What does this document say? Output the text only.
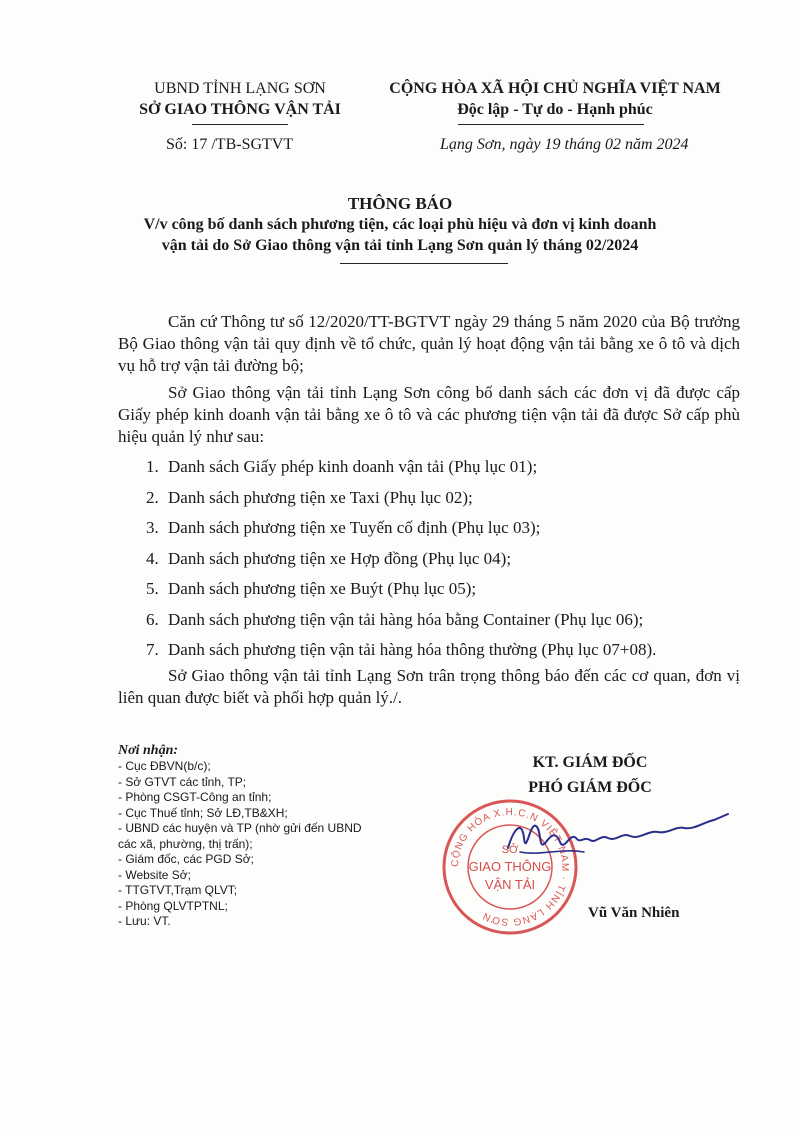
UBND TỈNH LẠNG SƠN
SỞ GIAO THÔNG VẬN TẢI
CỘNG HÒA XÃ HỘI CHỦ NGHĨA VIỆT NAM
Độc lập - Tự do - Hạnh phúc
Số: 17 /TB-SGTVT	Lạng Sơn, ngày 19 tháng 02 năm 2024
THÔNG BÁO
V/v công bố danh sách phương tiện, các loại phù hiệu và đơn vị kinh doanh
vận tải do Sở Giao thông vận tải tỉnh Lạng Sơn quản lý tháng 02/2024
Căn cứ Thông tư số 12/2020/TT-BGTVT ngày 29 tháng 5 năm 2020 của Bộ trưởng Bộ Giao thông vận tải quy định về tổ chức, quản lý hoạt động vận tải bằng xe ô tô và dịch vụ hỗ trợ vận tải đường bộ;
Sở Giao thông vận tải tỉnh Lạng Sơn công bố danh sách các đơn vị đã được cấp Giấy phép kinh doanh vận tải bằng xe ô tô và các phương tiện vận tải đã được Sở cấp phù hiệu quản lý như sau:
1. Danh sách Giấy phép kinh doanh vận tải (Phụ lục 01);
2. Danh sách phương tiện xe Taxi (Phụ lục 02);
3. Danh sách phương tiện xe Tuyến cố định (Phụ lục 03);
4. Danh sách phương tiện xe Hợp đồng (Phụ lục 04);
5. Danh sách phương tiện xe Buýt (Phụ lục 05);
6. Danh sách phương tiện vận tải hàng hóa bằng Container (Phụ lục 06);
7. Danh sách phương tiện vận tải hàng hóa thông thường (Phụ lục 07+08).
Sở Giao thông vận tải tỉnh Lạng Sơn trân trọng thông báo đến các cơ quan, đơn vị liên quan được biết và phối hợp quản lý./.
Nơi nhận:
- Cục ĐBVN(b/c);
- Sở GTVT các tỉnh, TP;
- Phòng CSGT-Công an tỉnh;
- Cục Thuế tỉnh; Sở LĐ,TB&XH;
- UBND các huyện và TP (nhờ gửi đến UBND
các xã, phường, thị trấn);
- Giám đốc, các PGD Sở;
- Website Sở;
- TTGTVT,Trạm QLVT;
- Phòng QLVTPTNL;
- Lưu: VT.
KT. GIÁM ĐỐC
PHÓ GIÁM ĐỐC
CỘNG HÒA X.H.C.N VIỆT NAM · TỈNH LẠNG SƠN
SỞ
GIAO THÔNG
VẬN TẢI
Vũ Văn Nhiên
